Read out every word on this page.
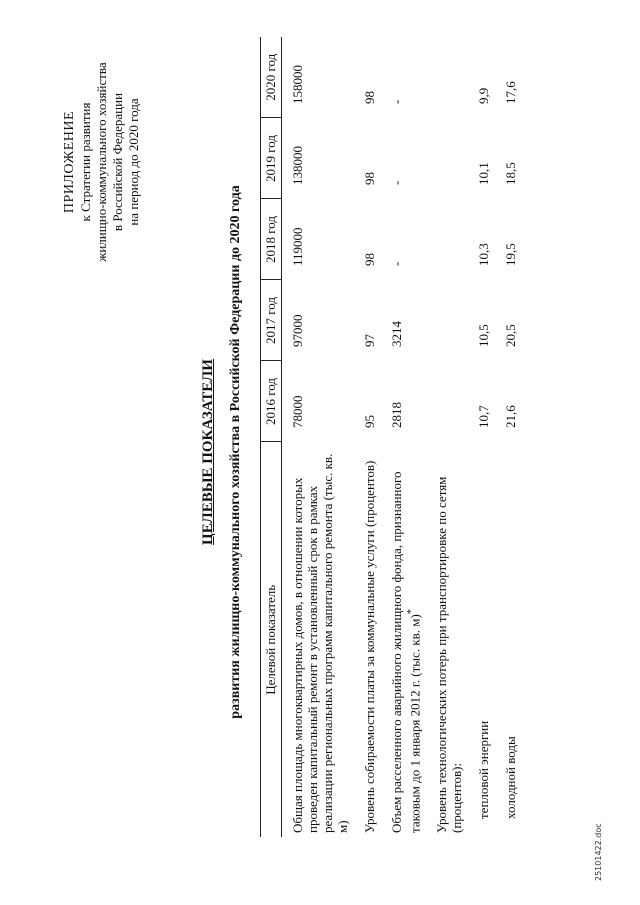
ПРИЛОЖЕНИЕ к Стратегии развития жилищно-коммунального хозяйства в Российской Федерации на период до 2020 года
ЦЕЛЕВЫЕ ПОКАЗАТЕЛИ развития жилищно-коммунального хозяйства в Российской Федерации до 2020 года Целевой показатель	2016 год	2017 год	2018 год	2019 год	2020 год
Общая площадь многоквартирных домов, в отношении которых проведен капитальный ремонт в установленный срок в рамках реализации региональных программ капитального ремонта (тыс. кв. м)	78000	97000	119000	138000	158000
Уровень собираемости платы за коммунальные услуги (процентов)	95	97	98	98	98
Объем расселенного аварийного жилищного фонда, признанного таковым до 1 января 2012 г. (тыс. кв. м)*	2818	3214	-	-	-
Уровень технологических потерь при транспортировке по сетям (процентов):					
тепловой энергии	10,7	10,5	10,3	10,1	9,9
холодной воды	21,6	20,5	19,5	18,5	17,6
25101422.doc
